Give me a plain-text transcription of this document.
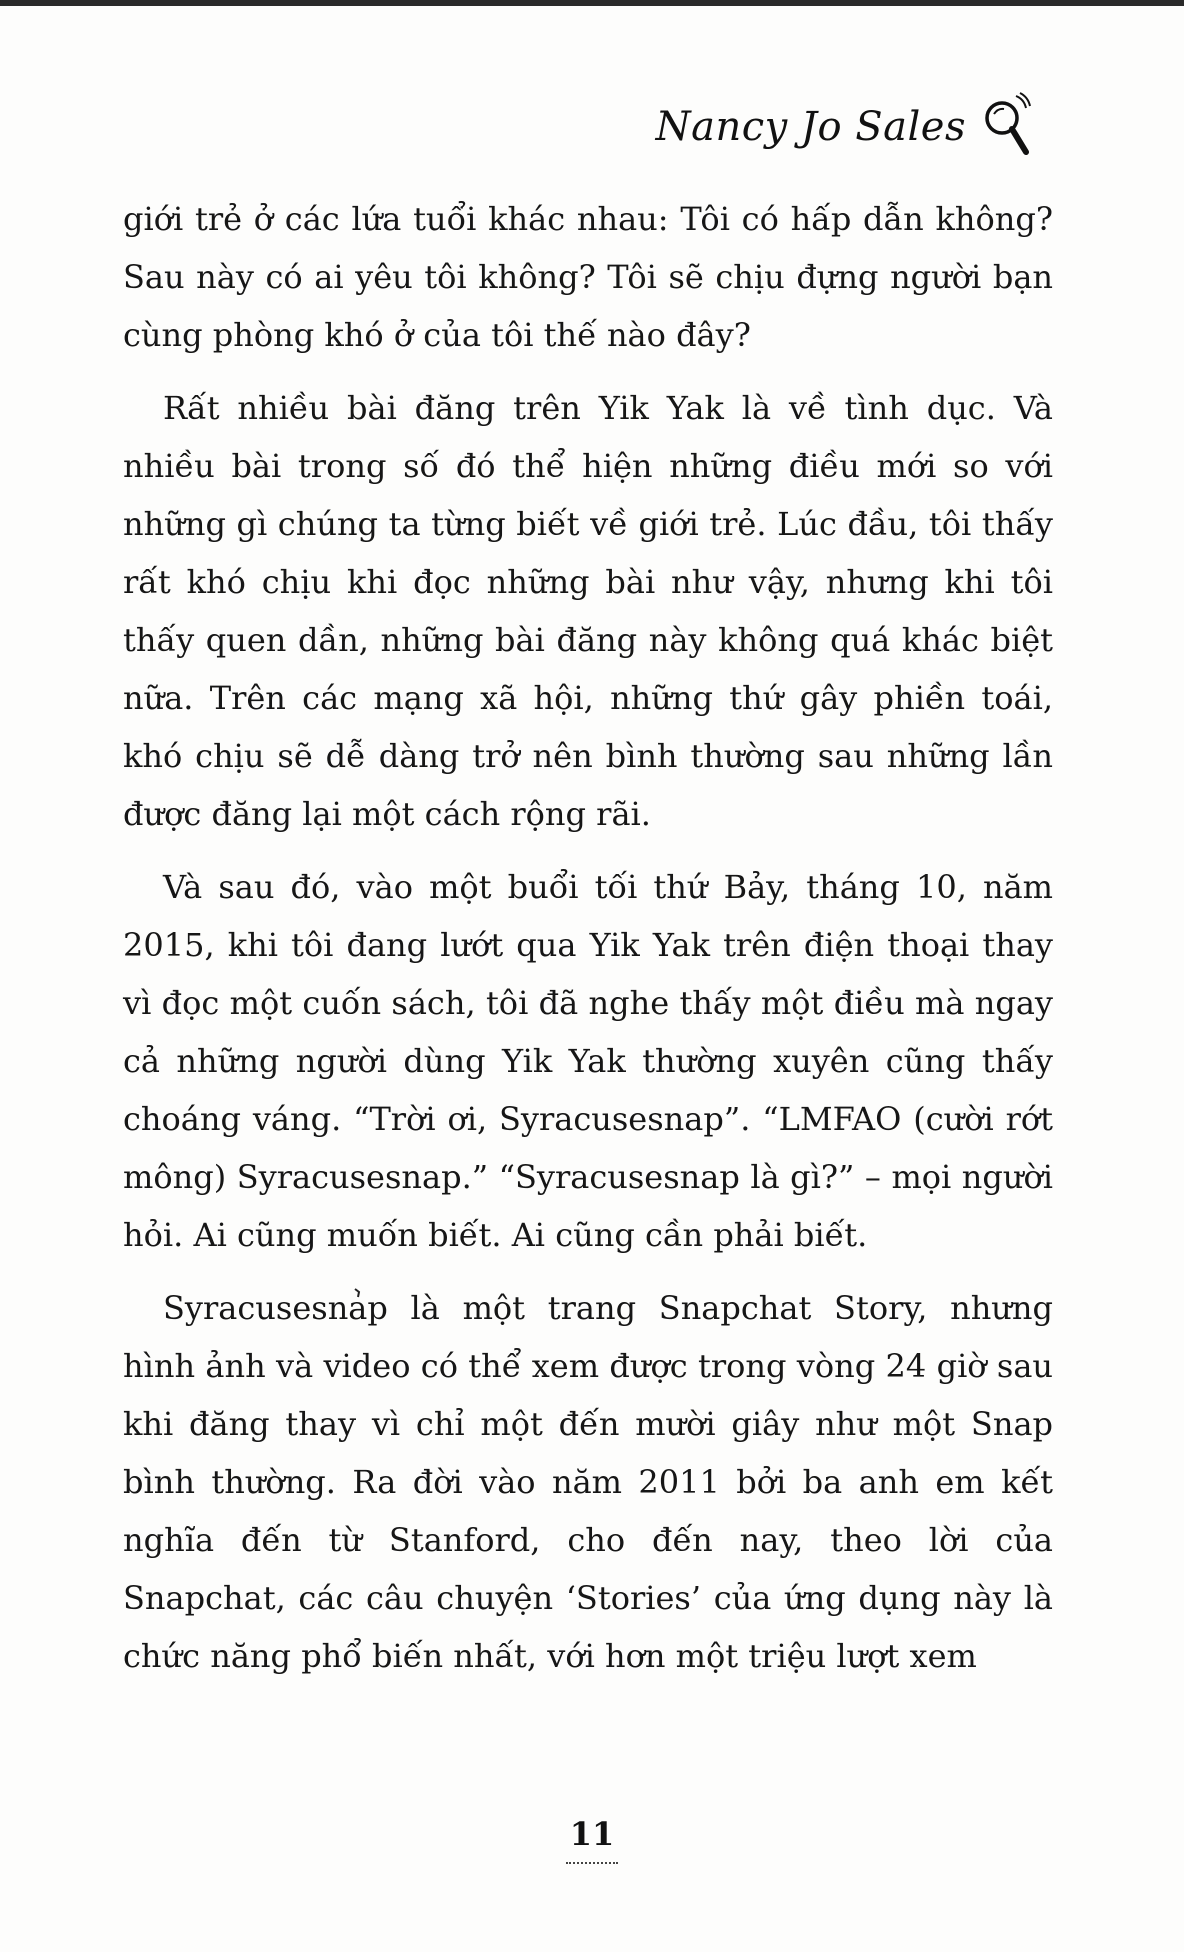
Nancy Jo Sales

giới trẻ ở các lứa tuổi khác nhau: Tôi có hấp dẫn không? Sau này có ai yêu tôi không? Tôi sẽ chịu đựng người bạn cùng phòng khó ở của tôi thế nào đây?

Rất nhiều bài đăng trên Yik Yak là về tình dục. Và nhiều bài trong số đó thể hiện những điều mới so với những gì chúng ta từng biết về giới trẻ. Lúc đầu, tôi thấy rất khó chịu khi đọc những bài như vậy, nhưng khi tôi thấy quen dần, những bài đăng này không quá khác biệt nữa. Trên các mạng xã hội, những thứ gây phiền toái, khó chịu sẽ dễ dàng trở nên bình thường sau những lần được đăng lại một cách rộng rãi.

Và sau đó, vào một buổi tối thứ Bảy, tháng 10, năm 2015, khi tôi đang lướt qua Yik Yak trên điện thoại thay vì đọc một cuốn sách, tôi đã nghe thấy một điều mà ngay cả những người dùng Yik Yak thường xuyên cũng thấy choáng váng. “Trời ơi, Syracusesnap”. “LMFAO (cười rớt mông) Syracusesnap.” “Syracusesnap là gì?” – mọi người hỏi. Ai cũng muốn biết. Ai cũng cần phải biết.

Syracusesnap là một trang Snapchat Story, nhưng hình ảnh và video có thể xem được trong vòng 24 giờ sau khi đăng thay vì chỉ một đến mười giây như một Snap bình thường. Ra đời vào năm 2011 bởi ba anh em kết nghĩa đến từ Stanford, cho đến nay, theo lời của Snapchat, các câu chuyện ‘Stories’ của ứng dụng này là chức năng phổ biến nhất, với hơn một triệu lượt xem

11
